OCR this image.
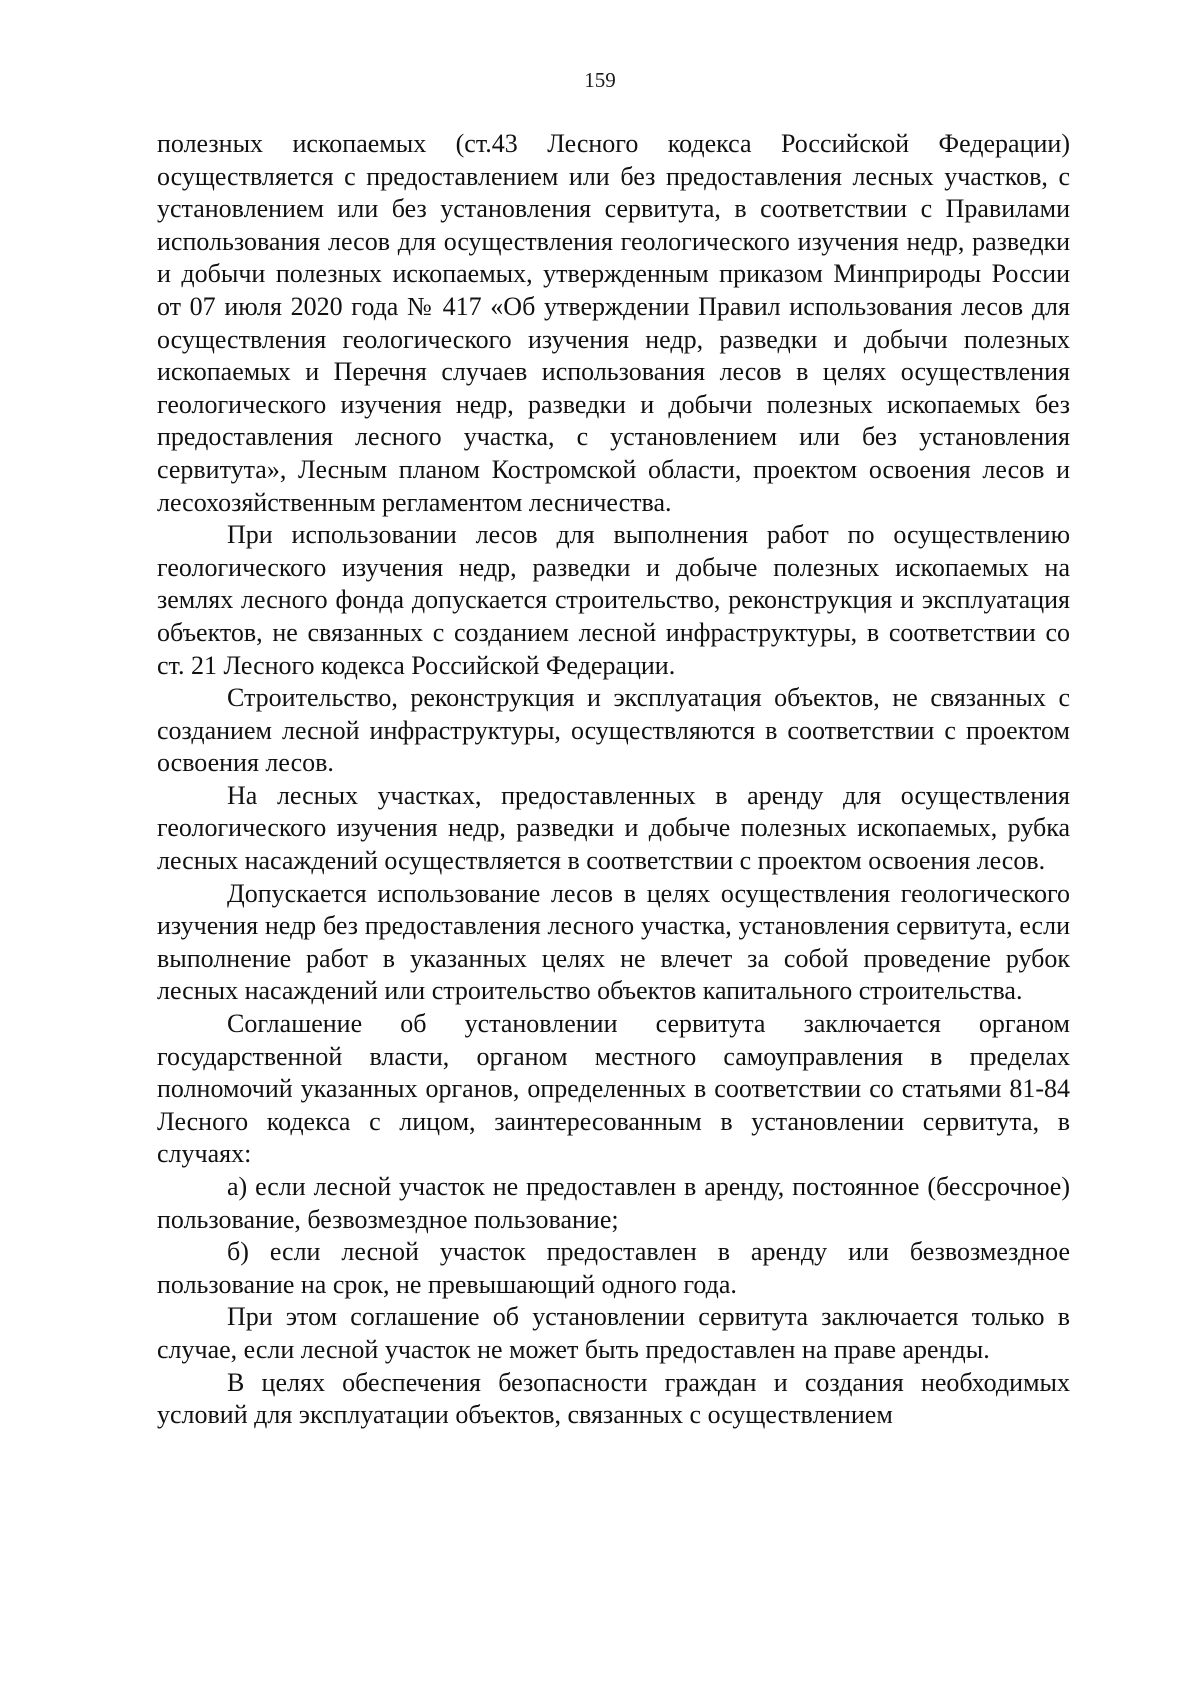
159

полезных ископаемых (ст.43 Лесного кодекса Российской Федерации) осуществляется с предоставлением или без предоставления лесных участков, с установлением или без установления сервитута, в соответствии с Правилами использования лесов для осуществления геологического изучения недр, разведки и добычи полезных ископаемых, утвержденным приказом Минприроды России от 07 июля 2020 года № 417 «Об утверждении Правил использования лесов для осуществления геологического изучения недр, разведки и добычи полезных ископаемых и Перечня случаев использования лесов в целях осуществления геологического изучения недр, разведки и добычи полезных ископаемых без предоставления лесного участка, с установлением или без установления сервитута», Лесным планом Костромской области, проектом освоения лесов и лесохозяйственным регламентом лесничества.

При использовании лесов для выполнения работ по осуществлению геологического изучения недр, разведки и добыче полезных ископаемых на землях лесного фонда допускается строительство, реконструкция и эксплуатация объектов, не связанных с созданием лесной инфраструктуры, в соответствии со ст. 21 Лесного кодекса Российской Федерации.

Строительство, реконструкция и эксплуатация объектов, не связанных с созданием лесной инфраструктуры, осуществляются в соответствии с проектом освоения лесов.

На лесных участках, предоставленных в аренду для осуществления геологического изучения недр, разведки и добыче полезных ископаемых, рубка лесных насаждений осуществляется в соответствии с проектом освоения лесов.

Допускается использование лесов в целях осуществления геологического изучения недр без предоставления лесного участка, установления сервитута, если выполнение работ в указанных целях не влечет за собой проведение рубок лесных насаждений или строительство объектов капитального строительства.

Соглашение об установлении сервитута заключается органом государственной власти, органом местного самоуправления в пределах полномочий указанных органов, определенных в соответствии со статьями 81-84 Лесного кодекса с лицом, заинтересованным в установлении сервитута, в случаях:

а) если лесной участок не предоставлен в аренду, постоянное (бессрочное) пользование, безвозмездное пользование;

б) если лесной участок предоставлен в аренду или безвозмездное пользование на срок, не превышающий одного года.

При этом соглашение об установлении сервитута заключается только в случае, если лесной участок не может быть предоставлен на праве аренды.

В целях обеспечения безопасности граждан и создания необходимых условий для эксплуатации объектов, связанных с осуществлением
